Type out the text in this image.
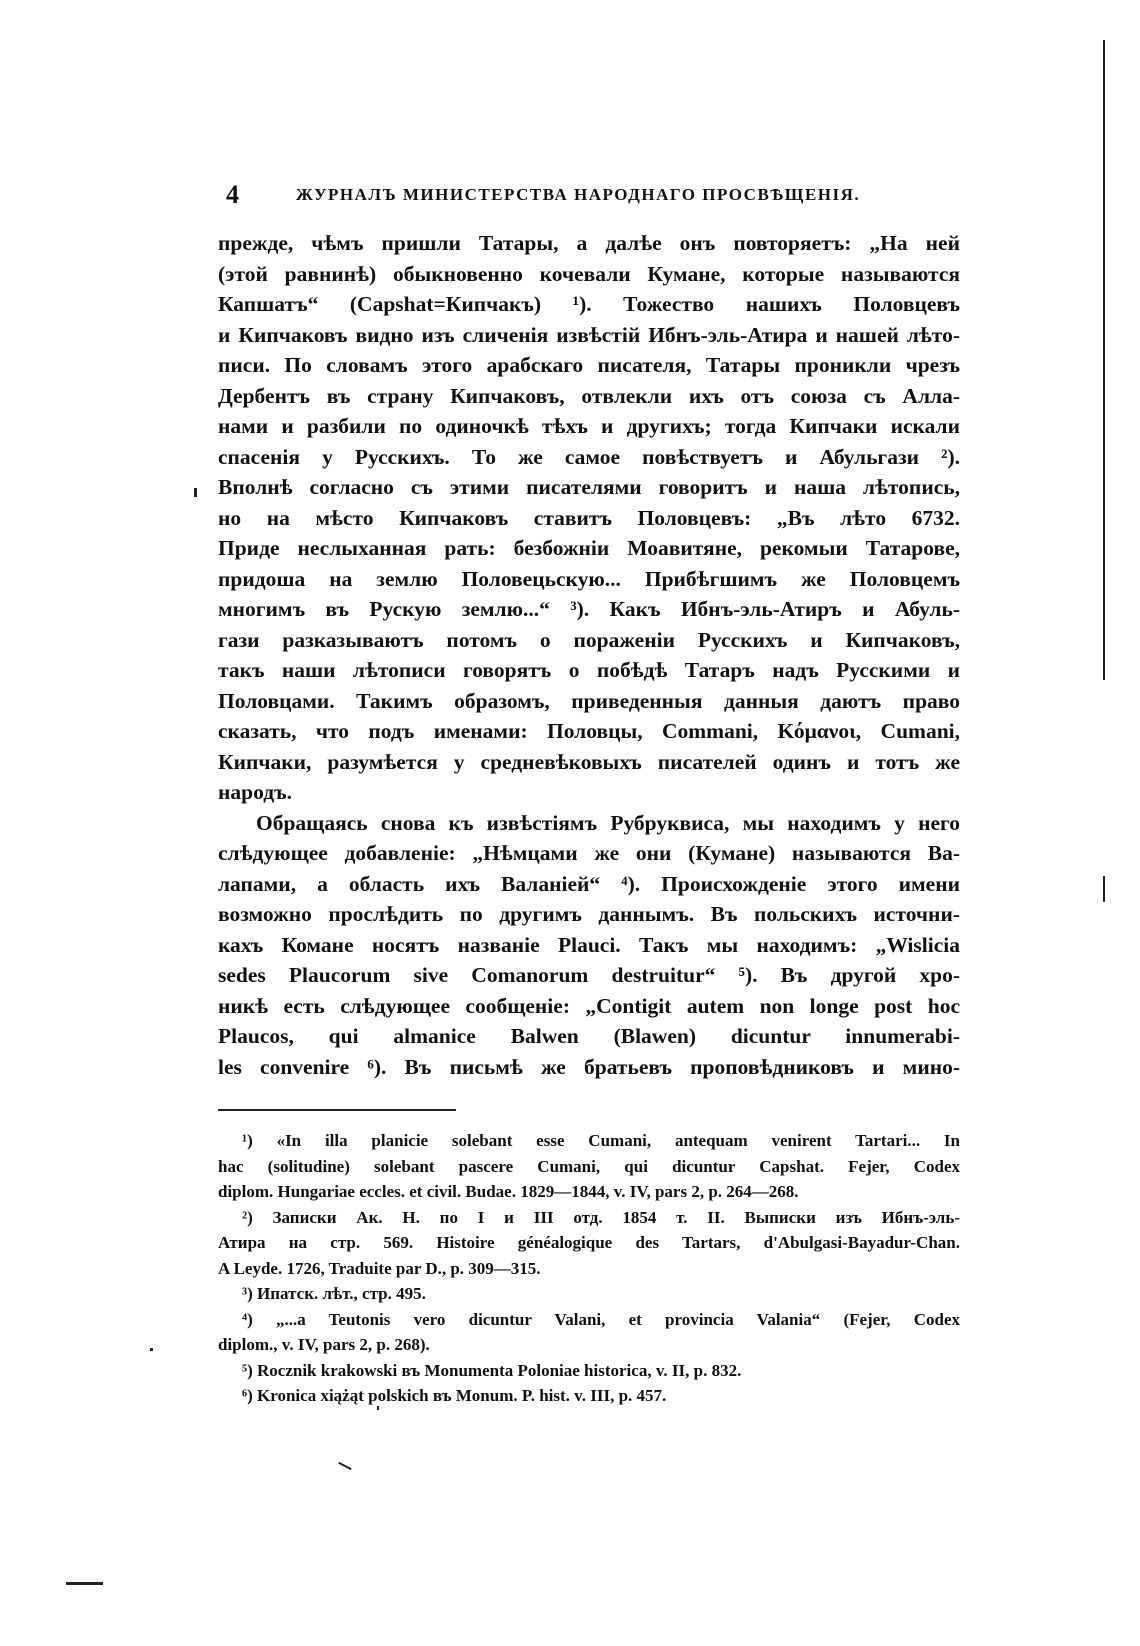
4	ЖУРНАЛЪ МИНИСТЕРСТВА НАРОДНАГО ПРОСВѢЩЕНІЯ.
прежде, чѣмъ пришли Татары, а далѣе онъ повторяетъ: „На ней
(этой равнинѣ) обыкновенно кочевали Кумане, которые называются
Капшатъ“ (Capshat=Кипчакъ) ¹). Тожество нашихъ Половцевъ
и Кипчаковъ видно изъ сличенія извѣстій Ибнъ-эль-Атира и нашей лѣто-
писи. По словамъ этого арабскаго писателя, Татары проникли чрезъ
Дербентъ въ страну Кипчаковъ, отвлекли ихъ отъ союза съ Алла-
нами и разбили по одиночкѣ тѣхъ и другихъ; тогда Кипчаки искали
спасенія у Русскихъ. То же самое повѣствуетъ и Абульгази ²).
Вполнѣ согласно съ этими писателями говоритъ и наша лѣтопись,
но на мѣсто Кипчаковъ ставитъ Половцевъ: „Въ лѣто 6732.
Приде неслыханная рать: безбожніи Моавитяне, рекомыи Татарове,
придоша на землю Половецьскую... Прибѣгшимъ же Половцемъ
многимъ въ Рускую землю...“ ³). Какъ Ибнъ-эль-Атиръ и Абуль-
гази разказываютъ потомъ о пораженіи Русскихъ и Кипчаковъ,
такъ наши лѣтописи говорятъ о побѣдѣ Татаръ надъ Русскими и
Половцами. Такимъ образомъ, приведенныя данныя даютъ право
сказать, что подъ именами: Половцы, Commani, Κόμανοι, Cumani,
Кипчаки, разумѣется у средневѣковыхъ писателей одинъ и тотъ же
народъ.
Обращаясь снова къ извѣстіямъ Рубруквиса, мы находимъ у него
слѣдующее добавленіе: „Нѣмцами же они (Кумане) называются Ва-
лапами, а область ихъ Валаніей“ ⁴). Происхожденіе этого имени
возможно прослѣдить по другимъ даннымъ. Въ польскихъ источни-
кахъ Комане носятъ названіе Plauci. Такъ мы находимъ: „Wislicia
sedes Plaucorum sive Comanorum destruitur“ ⁵). Въ другой хро-
никѣ есть слѣдующее сообщеніе: „Contigit autem non longe post hoc
Plaucos, qui almanice Balwen (Blawen) dicuntur innumerabi-
les convenire ⁶). Въ письмѣ же братьевъ проповѣдниковъ и мино-
¹) «In illa planicie solebant esse Cumani, antequam venirent Tartari... In
hac (solitudine) solebant pascere Cumani, qui dicuntur Capshat. Fejer, Codex
diplom. Hungariae eccles. et civil. Budae. 1829—1844, v. IV, pars 2, p. 264—268.
²) Записки Ак. Н. по I и III отд. 1854 т. II. Выписки изъ Ибнъ-эль-
Атира на стр. 569. Histoire généalogique des Tartars, d'Abulgasi-Bayadur-Chan.
A Leyde. 1726, Traduite par D., p. 309—315.
³) Ипатск. лѣт., стр. 495.
⁴) „...a Teutonis vero dicuntur Valani, et provincia Valania“ (Fejer, Codex
diplom., v. IV, pars 2, p. 268).
⁵) Rocznik krakowski въ Monumenta Poloniae historica, v. II, p. 832.
⁶) Kronica xiążąt polskich въ Monum. P. hist. v. III, p. 457.
